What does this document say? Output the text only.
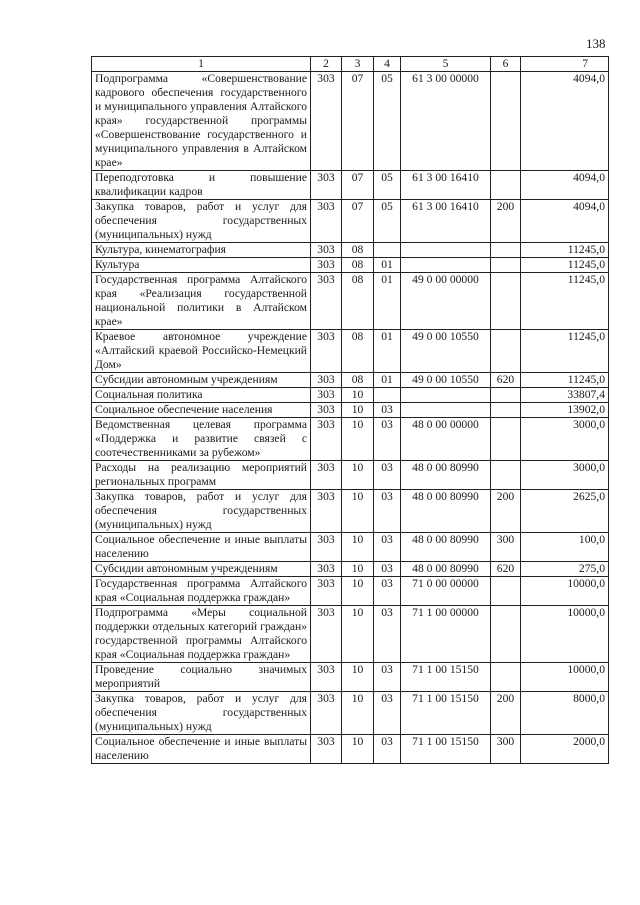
138
1	2	3	4	5	6	7
Подпрограмма «Совершенствование кадрового обеспечения государственного и муниципального управления Алтайского края» государственной программы «Совершенствование государственного и муниципального управления в Алтайском крае»	303	07	05	61 3 00 00000		4094,0
Переподготовка и повышение квалификации кадров	303	07	05	61 3 00 16410		4094,0
Закупка товаров, работ и услуг для обеспечения государственных (муниципальных) нужд	303	07	05	61 3 00 16410	200	4094,0
Культура, кинематография	303	08				11245,0
Культура	303	08	01			11245,0
Государственная программа Алтайского края «Реализация государственной национальной политики в Алтайском крае»	303	08	01	49 0 00 00000		11245,0
Краевое автономное учреждение «Алтайский краевой Российско-Немецкий Дом»	303	08	01	49 0 00 10550		11245,0
Субсидии автономным учреждениям	303	08	01	49 0 00 10550	620	11245,0
Социальная политика	303	10				33807,4
Социальное обеспечение населения	303	10	03			13902,0
Ведомственная целевая программа «Поддержка и развитие связей с соотечественниками за рубежом»	303	10	03	48 0 00 00000		3000,0
Расходы на реализацию мероприятий региональных программ	303	10	03	48 0 00 80990		3000,0
Закупка товаров, работ и услуг для обеспечения государственных (муниципальных) нужд	303	10	03	48 0 00 80990	200	2625,0
Социальное обеспечение и иные выплаты населению	303	10	03	48 0 00 80990	300	100,0
Субсидии автономным учреждениям	303	10	03	48 0 00 80990	620	275,0
Государственная программа Алтайского края «Социальная поддержка граждан»	303	10	03	71 0 00 00000		10000,0
Подпрограмма «Меры социальной поддержки отдельных категорий граждан» государственной программы Алтайского края «Социальная поддержка граждан»	303	10	03	71 1 00 00000		10000,0
Проведение социально значимых мероприятий	303	10	03	71 1 00 15150		10000,0
Закупка товаров, работ и услуг для обеспечения государственных (муниципальных) нужд	303	10	03	71 1 00 15150	200	8000,0
Социальное обеспечение и иные выплаты населению	303	10	03	71 1 00 15150	300	2000,0
